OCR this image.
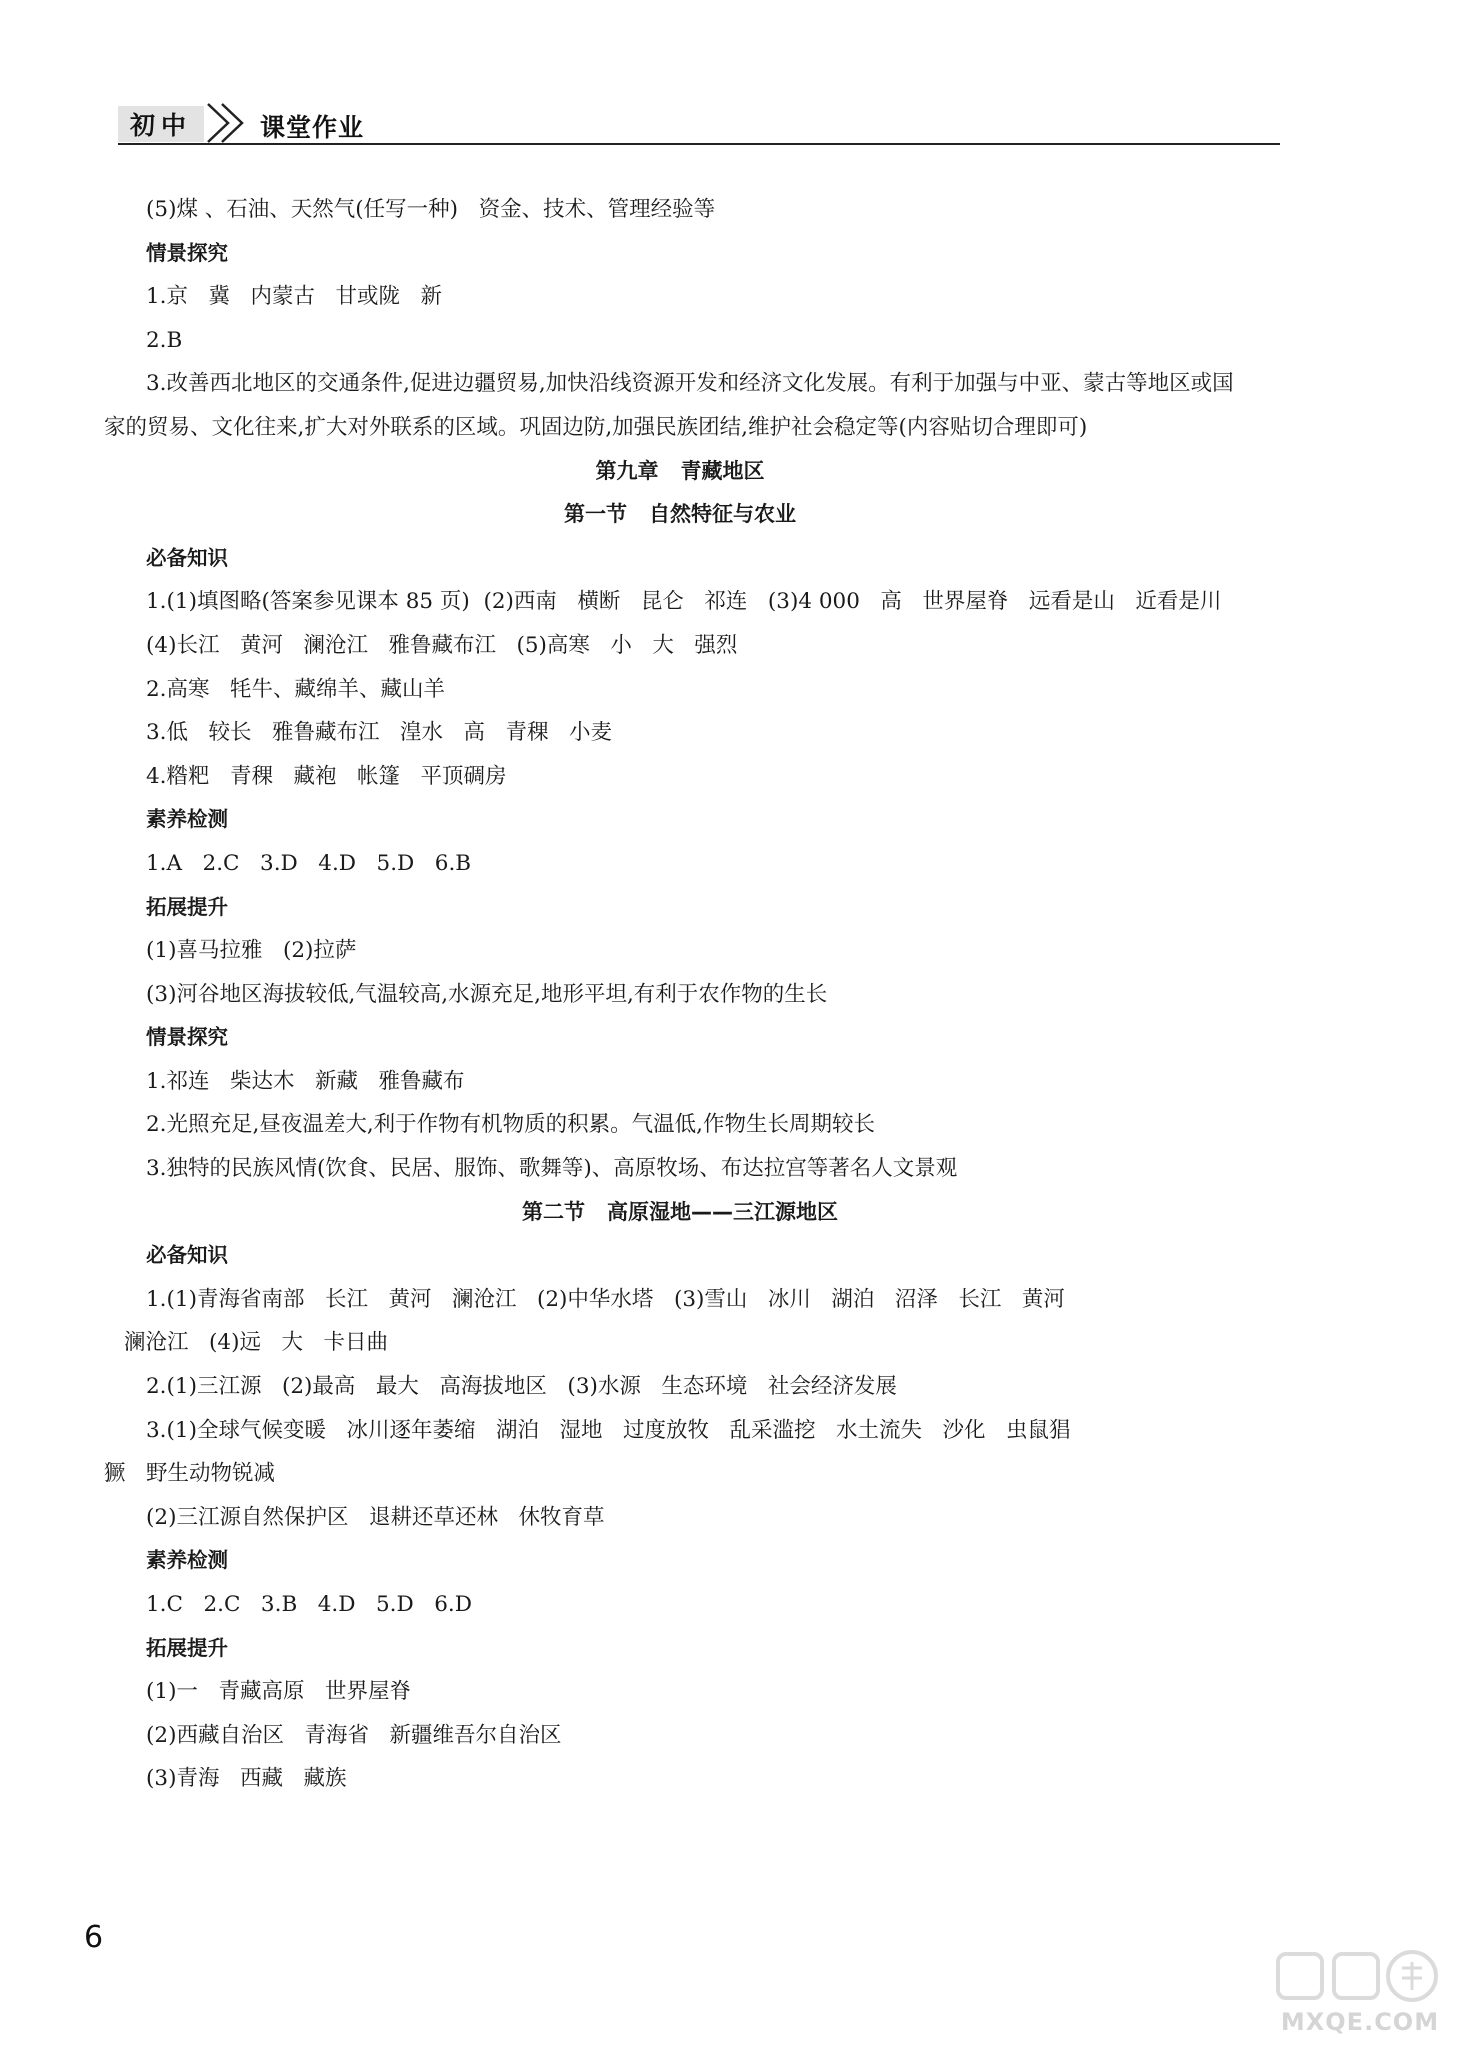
初中	课堂作业

(5)煤 、石油、天然气(任写一种)   资金、技术、管理经验等

情景探究

1.京   冀   内蒙古   甘或陇   新

2.B

3.改善西北地区的交通条件,促进边疆贸易,加快沿线资源开发和经济文化发展。有利于加强与中亚、蒙古等地区或国家的贸易、文化往来,扩大对外联系的区域。巩固边防,加强民族团结,维护社会稳定等(内容贴切合理即可)

第九章   青藏地区

第一节   自然特征与农业

必备知识

1.(1)填图略(答案参见课本 85 页)  (2)西南   横断   昆仑   祁连   (3)4 000   高   世界屋脊   远看是山   近看是川

(4)长江   黄河   澜沧江   雅鲁藏布江   (5)高寒   小   大   强烈

2.高寒   牦牛、藏绵羊、藏山羊

3.低   较长   雅鲁藏布江   湟水   高   青稞   小麦

4.糌粑   青稞   藏袍   帐篷   平顶碉房

素养检测

1.A   2.C   3.D   4.D   5.D   6.B

拓展提升

(1)喜马拉雅   (2)拉萨

(3)河谷地区海拔较低,气温较高,水源充足,地形平坦,有利于农作物的生长

情景探究

1.祁连   柴达木   新藏   雅鲁藏布

2.光照充足,昼夜温差大,利于作物有机物质的积累。气温低,作物生长周期较长

3.独特的民族风情(饮食、民居、服饰、歌舞等)、高原牧场、布达拉宫等著名人文景观

第二节   高原湿地——三江源地区

必备知识

1.(1)青海省南部   长江   黄河   澜沧江   (2)中华水塔   (3)雪山   冰川   湖泊   沼泽   长江   黄河

澜沧江   (4)远   大   卡日曲

2.(1)三江源   (2)最高   最大   高海拔地区   (3)水源   生态环境   社会经济发展

3.(1)全球气候变暖   冰川逐年萎缩   湖泊   湿地   过度放牧   乱采滥挖   水土流失   沙化   虫鼠猖

獗   野生动物锐减

(2)三江源自然保护区   退耕还草还林   休牧育草

素养检测

1.C   2.C   3.B   4.D   5.D   6.D

拓展提升

(1)一   青藏高原   世界屋脊

(2)西藏自治区   青海省   新疆维吾尔自治区

(3)青海   西藏   藏族

6
MXQE.COM
